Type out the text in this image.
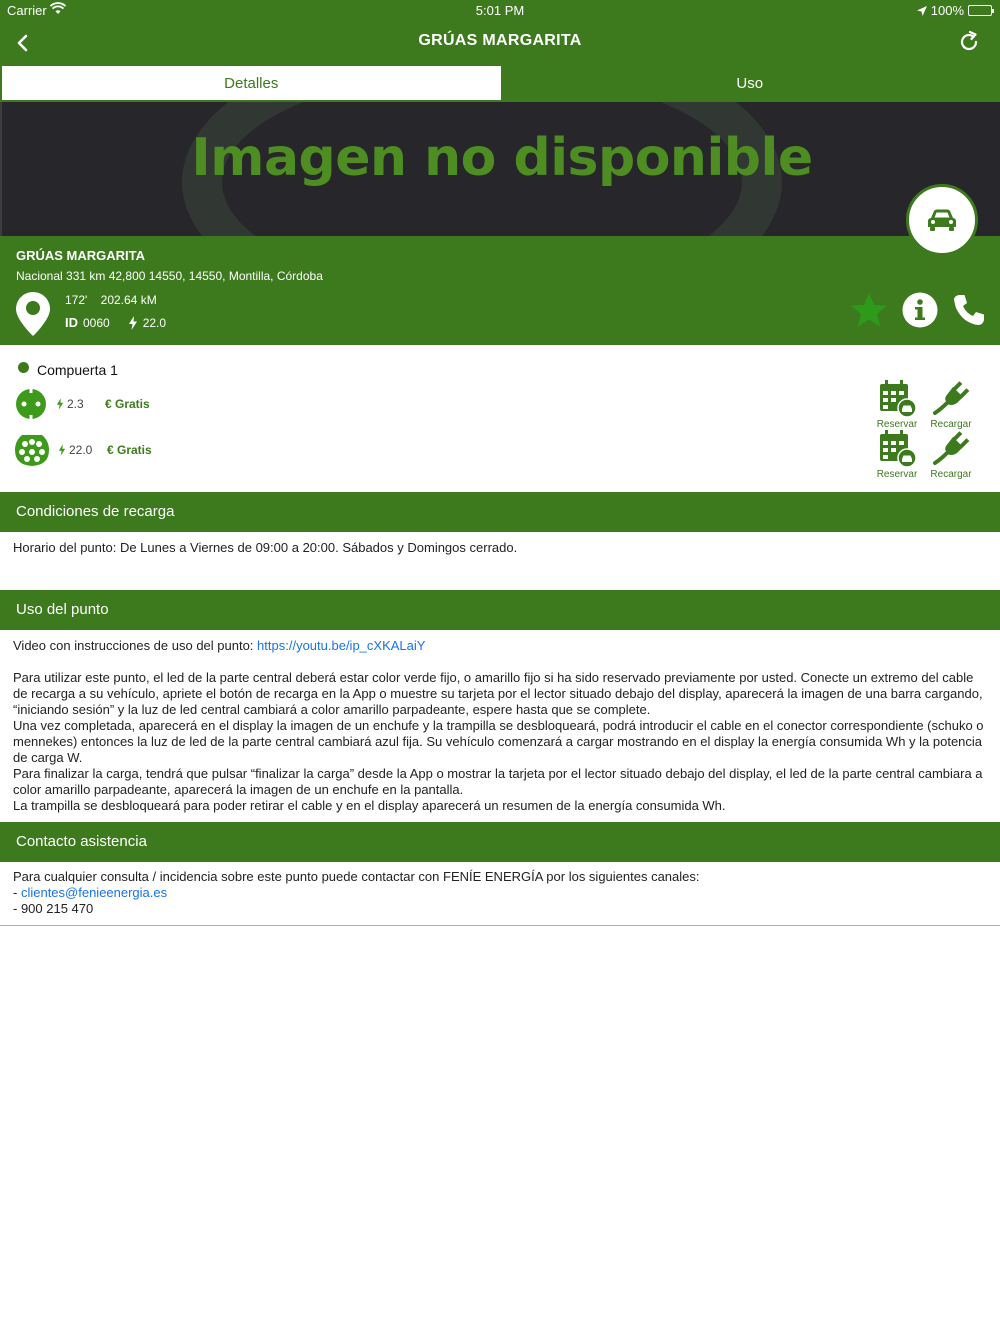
Carrier	5:01 PM	100%
GRÚAS MARGARITA
Detalles	Uso
Imagen no disponible
GRÚAS MARGARITA
Nacional 331 km 42,800 14550, 14550, Montilla, Córdoba
172' 202.64 kM
ID 0060	22.0
Compuerta 1
2.3 € Gratis
22.0 € Gratis
Reservar Recargar
Reservar Recargar
Condiciones de recarga
Horario del punto: De Lunes a Viernes de 09:00 a 20:00. Sábados y Domingos cerrado.
Uso del punto
Video con instrucciones de uso del punto: https://youtu.be/ip_cXKALaiY
Para utilizar este punto, el led de la parte central deberá estar color verde fijo, o amarillo fijo si ha sido reservado previamente por usted. Conecte un extremo del cable de recarga a su vehículo, apriete el botón de recarga en la App o muestre su tarjeta por el lector situado debajo del display, aparecerá la imagen de una barra cargando, “iniciando sesión” y la luz de led central cambiará a color amarillo parpadeante, espere hasta que se complete.
Una vez completada, aparecerá en el display la imagen de un enchufe y la trampilla se desbloqueará, podrá introducir el cable en el conector correspondiente (schuko o mennekes) entonces la luz de led de la parte central cambiará azul fija. Su vehículo comenzará a cargar mostrando en el display la energía consumida Wh y la potencia de carga W.
Para finalizar la carga, tendrá que pulsar “finalizar la carga” desde la App o mostrar la tarjeta por el lector situado debajo del display, el led de la parte central cambiara a color amarillo parpadeante, aparecerá la imagen de un enchufe en la pantalla.
La trampilla se desbloqueará para poder retirar el cable y en el display aparecerá un resumen de la energía consumida Wh.
Contacto asistencia
Para cualquier consulta / incidencia sobre este punto puede contactar con FENÍE ENERGÍA por los siguientes canales:
- clientes@fenieenergia.es
- 900 215 470
